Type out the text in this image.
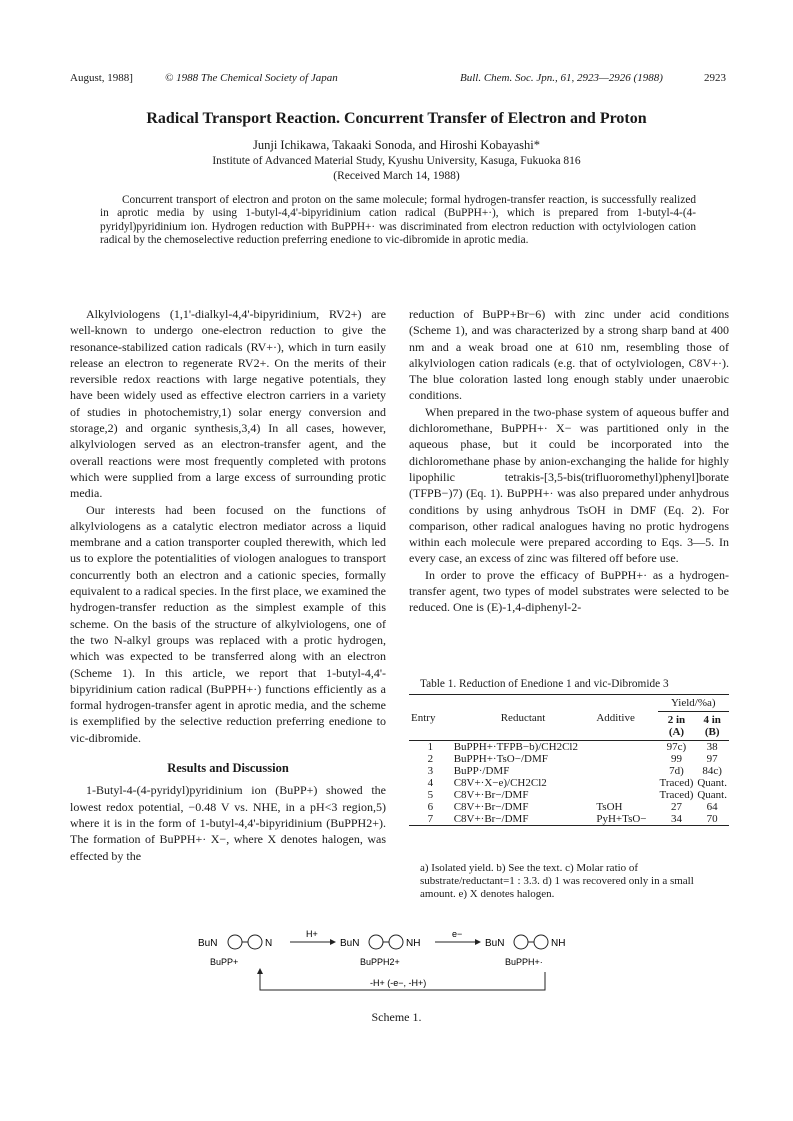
August, 1988]	© 1988 The Chemical Society of Japan	Bull. Chem. Soc. Jpn., 61, 2923—2926 (1988)	2923
Radical Transport Reaction. Concurrent Transfer of Electron and Proton
Junji Ichikawa, Takaaki Sonoda, and Hiroshi Kobayashi*
Institute of Advanced Material Study, Kyushu University, Kasuga, Fukuoka 816
(Received March 14, 1988)
Concurrent transport of electron and proton on the same molecule; formal hydrogen-transfer reaction, is successfully realized in aprotic media by using 1-butyl-4,4'-bipyridinium cation radical (BuPPH+·), which is prepared from 1-butyl-4-(4-pyridyl)pyridinium ion. Hydrogen reduction with BuPPH+· was discriminated from electron reduction with octylviologen cation radical by the chemoselective reduction preferring enedione to vic-dibromide in aprotic media.

Alkylviologens (1,1'-dialkyl-4,4'-bipyridinium, RV2+) are well-known to undergo one-electron reduction to give the resonance-stabilized cation radicals (RV+·), which in turn easily release an electron to regenerate RV2+. On the merits of their reversible redox reactions with large negative potentials, they have been widely used as effective electron carriers in a variety of studies in photochemistry,1) solar energy conversion and storage,2) and organic synthesis,3,4) In all cases, however, alkylviologen served as an electron-transfer agent, and the overall reactions were most frequently completed with protons which were supplied from a large excess of surrounding protic media.

Our interests had been focused on the functions of alkylviologens as a catalytic electron mediator across a liquid membrane and a cation transporter coupled therewith, which led us to explore the potentialities of viologen analogues to transport concurrently both an electron and a cationic species, formally equivalent to a radical species. In the first place, we examined the hydrogen-transfer reduction as the simplest example of this scheme. On the basis of the structure of alkylviologens, one of the two N-alkyl groups was replaced with a protic hydrogen, which was expected to be transferred along with an electron (Scheme 1). In this article, we report that 1-butyl-4,4'-bipyridinium cation radical (BuPPH+·) functions efficiently as a formal hydrogen-transfer agent in aprotic media, and the scheme is exemplified by the selective reduction preferring enedione to vic-dibromide.

Results and Discussion

1-Butyl-4-(4-pyridyl)pyridinium ion (BuPP+) showed the lowest redox potential, −0.48 V vs. NHE, in a pH<3 region,5) where it is in the form of 1-butyl-4,4'-bipyridinium (BuPPH2+). The formation of BuPPH+· X−, where X denotes halogen, was effected by the

reduction of BuPP+Br−6) with zinc under acid conditions (Scheme 1), and was characterized by a strong sharp band at 400 nm and a weak broad one at 610 nm, resembling those of alkylviologen cation radicals (e.g. that of octylviologen, C8V+·). The blue coloration lasted long enough stably under unaerobic conditions.

When prepared in the two-phase system of aqueous buffer and dichloromethane, BuPPH+· X− was partitioned only in the aqueous phase, but it could be incorporated into the dichloromethane phase by anion-exchanging the halide for highly lipophilic tetrakis-[3,5-bis(trifluoromethyl)phenyl]borate (TFPB−)7) (Eq. 1). BuPPH+· was also prepared under anhydrous conditions by using anhydrous TsOH in DMF (Eq. 2). For comparison, other radical analogues having no protic hydrogens within each molecule were prepared according to Eqs. 3—5. In every case, an excess of zinc was filtered off before use.

In order to prove the efficacy of BuPPH+· as a hydrogen-transfer agent, two types of model substrates were selected to be reduced. One is (E)-1,4-diphenyl-2-

Table 1. Reduction of Enedione 1 and vic-Dibromide 3
Entry	Reductant	Additive	Yield/%a)	
			2 in (A)	4 in (B)
1	BuPPH+·TFPB−b)/CH2Cl2		97c)	38
2	BuPPH+·TsO−/DMF		99	97
3	BuPP·/DMF		7d)	84c)
4	C8V+·X−e)/CH2Cl2		Traced)	Quant.
5	C8V+·Br−/DMF		Traced)	Quant.
6	C8V+·Br−/DMF	TsOH	27	64
7	C8V+·Br−/DMF	PyH+TsO−	34	70
a) Isolated yield. b) See the text. c) Molar ratio of substrate/reductant=1 : 3.3. d) 1 was recovered only in a small amount. e) X denotes halogen.
BuN	N
BuPP+
H+
BuN	NH
BuPPH2+
e−
BuN	NH
BuPPH+·
-H+ (-e−, -H+)
Scheme 1.
